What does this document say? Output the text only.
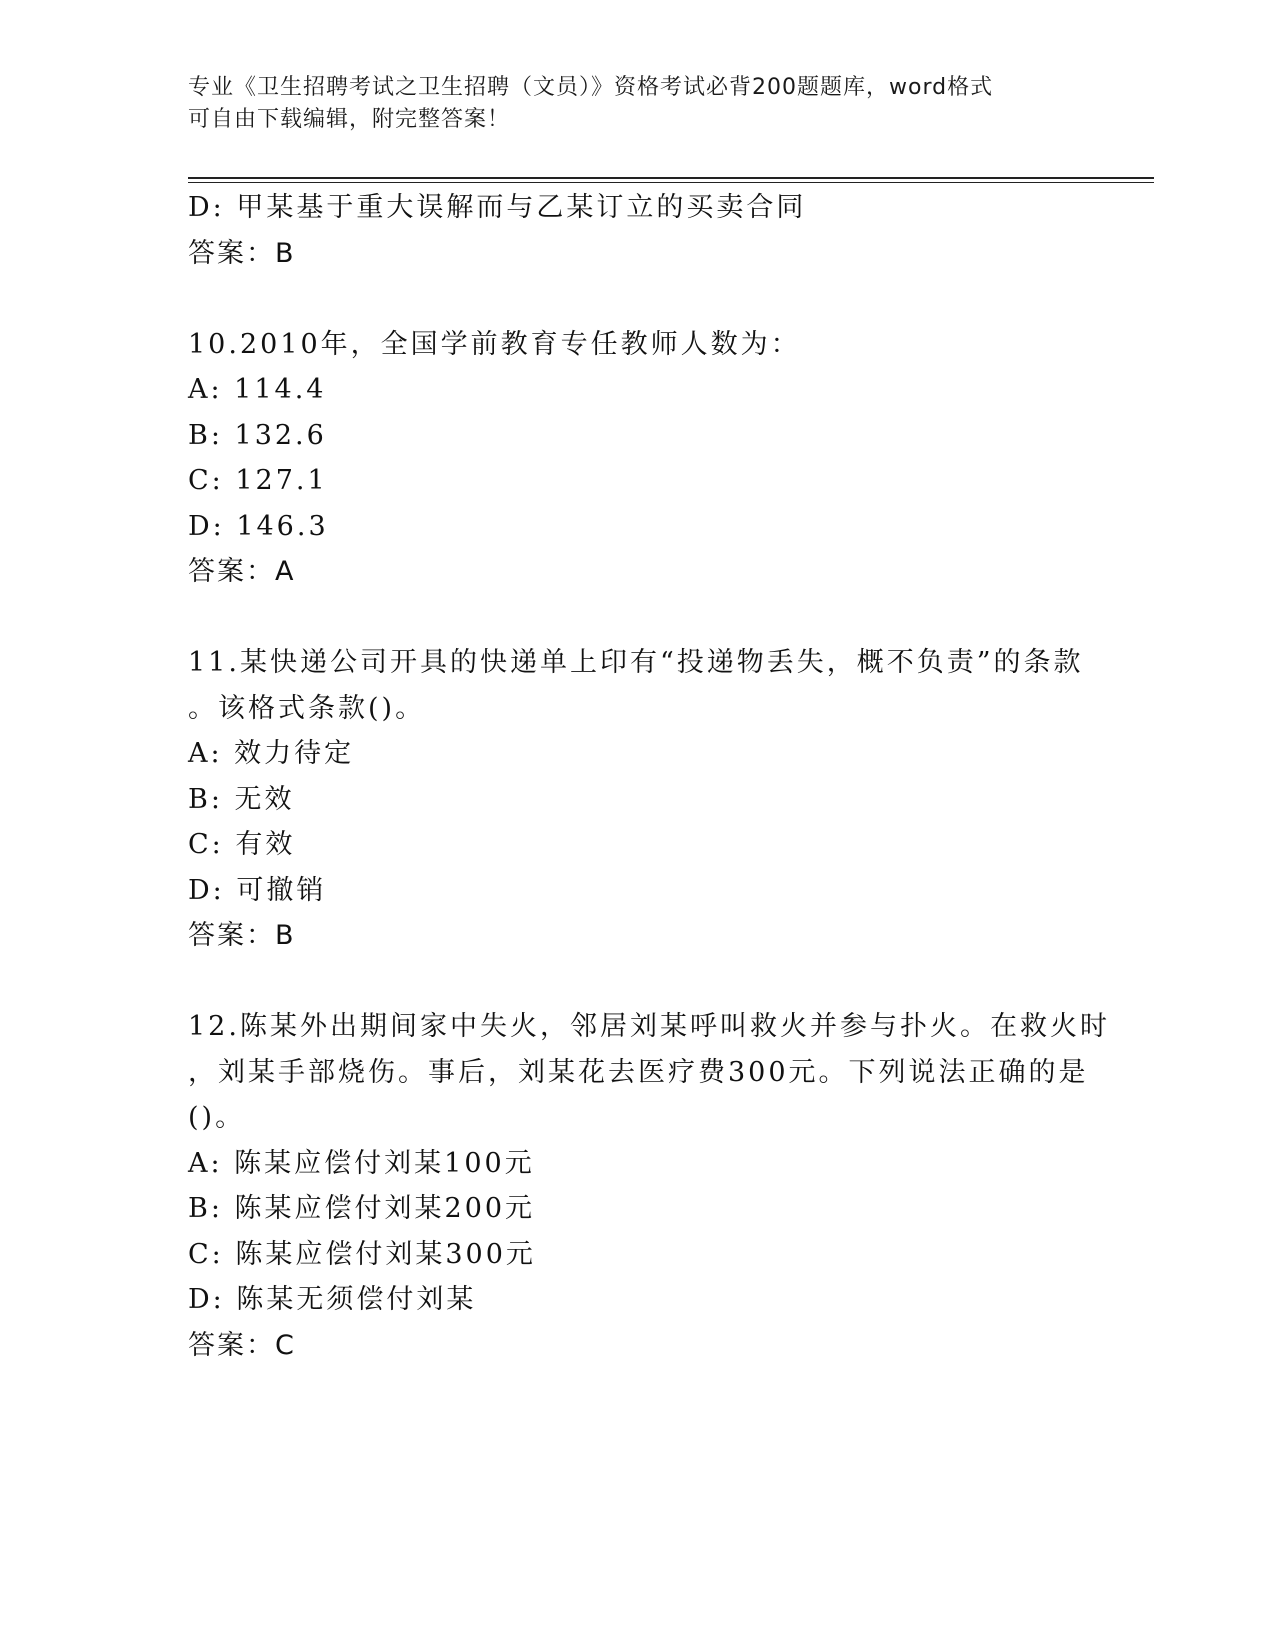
专业《卫生招聘考试之卫生招聘（文员）》资格考试必背200题题库，word格式
可自由下载编辑，附完整答案！
D: 甲某基于重大误解而与乙某订立的买卖合同
答案：B
10.2010年，全国学前教育专任教师人数为：
A: 114.4
B: 132.6
C: 127.1
D: 146.3
答案：A
11.某快递公司开具的快递单上印有“投递物丢失，概不负责”的条款
。该格式条款()。
A: 效力待定
B: 无效
C: 有效
D: 可撤销
答案：B
12.陈某外出期间家中失火，邻居刘某呼叫救火并参与扑火。在救火时
，刘某手部烧伤。事后，刘某花去医疗费300元。下列说法正确的是
()。
A: 陈某应偿付刘某100元
B: 陈某应偿付刘某200元
C: 陈某应偿付刘某300元
D: 陈某无须偿付刘某
答案：C
